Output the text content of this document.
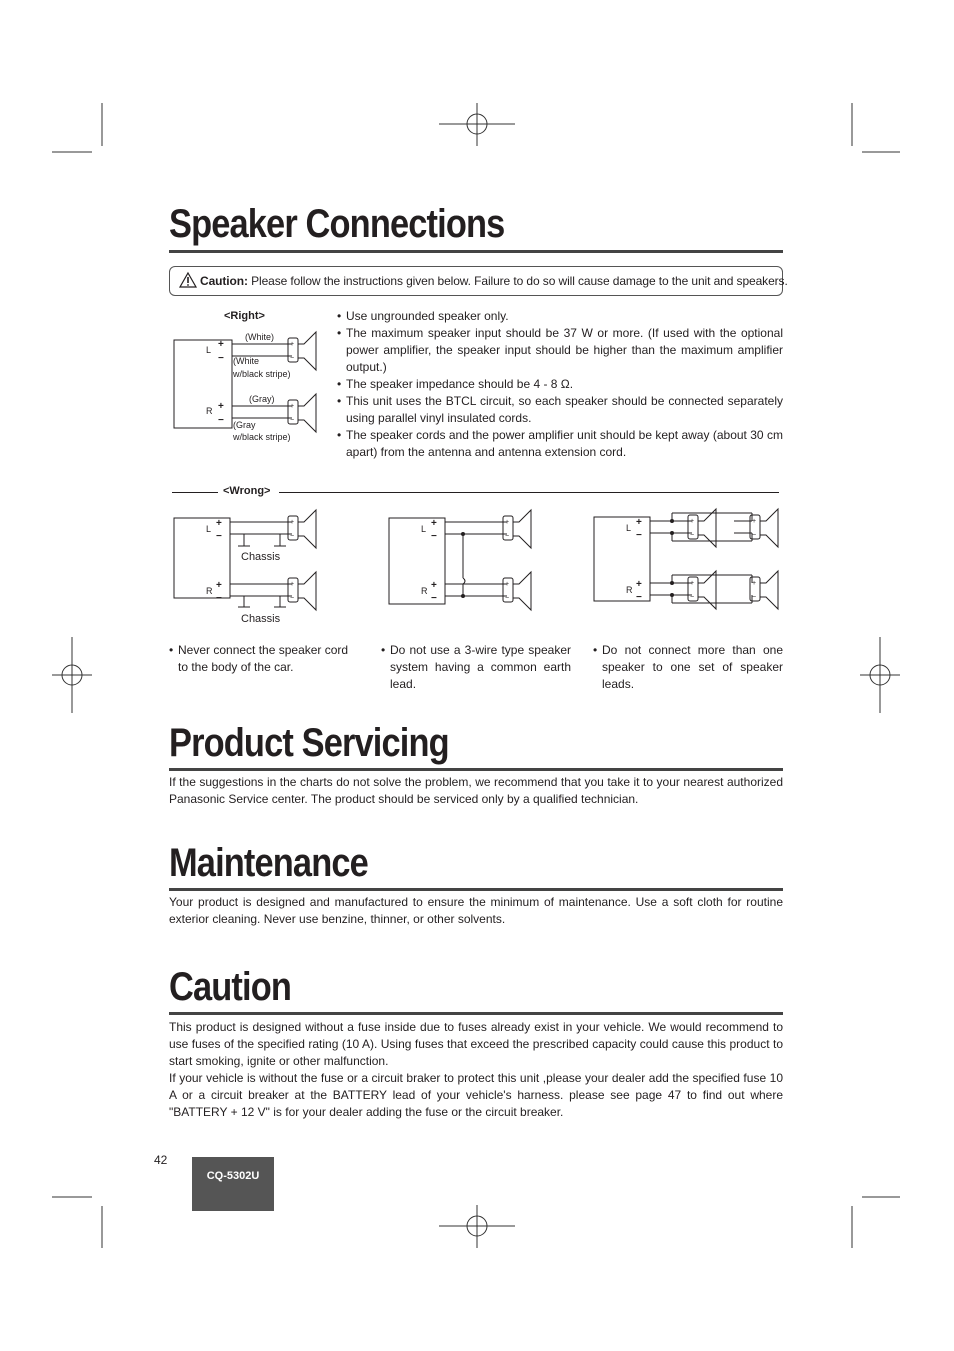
Speaker Connections
Caution: Please follow the instructions given below. Failure to do so will cause damage to the unit and speakers.
<Right>
(White)
(White
w/black stripe)
(Gray)
(Gray
w/black stripe)
L
R
+
−
+
−
+
−
+
−
• Use ungrounded speaker only.
• The maximum speaker input should be 37 W or more. (If used with the optional power amplifier, the speaker input should be higher than the maximum amplifier output.)
• The speaker impedance should be 4 - 8 Ω.
• This unit uses the BTCL circuit, so each speaker should be connected separately using parallel vinyl insulated cords.
• The speaker cords and the power amplifier unit should be kept away (about 30 cm apart) from the antenna and antenna extension cord.
<Wrong>
+
−
+
−
L
R
+
−
+
−
Chassis
Chassis
+
−
+
−
L
R
+
−
+
−
+
−
+
−
L
R
+
−
+
−
+
−
+
−
• Never connect the speaker cord to the body of the car.
• Do not use a 3-wire type speaker system having a common earth lead.
• Do not connect more than one speaker to one set of speaker leads.
Product Servicing
If the suggestions in the charts do not solve the problem, we recommend that you take it to your nearest authorized Panasonic Service center. The product should be serviced only by a qualified technician.
Maintenance
Your product is designed and manufactured to ensure the minimum of maintenance. Use a soft cloth for routine exterior cleaning. Never use benzine, thinner, or other solvents.
Caution
This product is designed without a fuse inside due to fuses already exist in your vehicle. We would recommend to use fuses of the specified rating (10 A). Using fuses that exceed the prescribed capacity could cause this product to start smoking, ignite or other malfunction.
If your vehicle is without the fuse or a circuit braker to protect this unit ,please your dealer add the specified fuse 10 A or a circuit breaker at the BATTERY lead of your vehicle's harness. please see page 47 to find out where "BATTERY + 12 V" is for your dealer adding the fuse or the circuit breaker.
42
CQ-5302U
